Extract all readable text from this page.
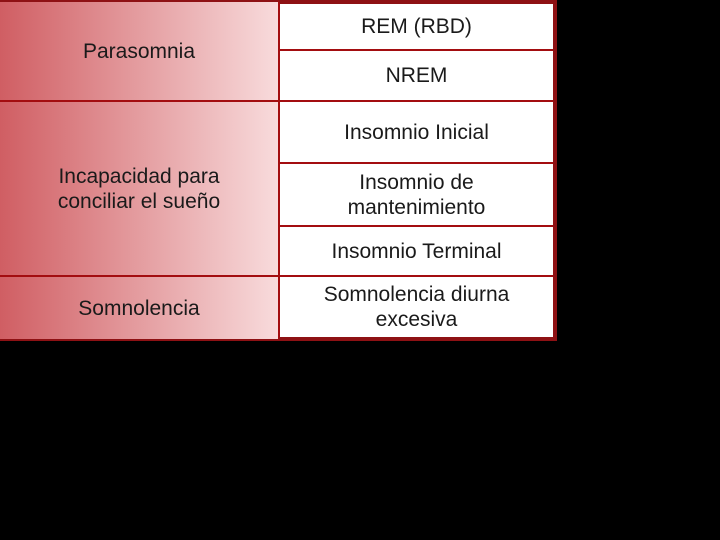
Parasomnia
Incapacidad para conciliar el sueño
Somnolencia
REM (RBD)
NREM
Insomnio Inicial
Insomnio de mantenimiento
Insomnio Terminal
Somnolencia diurna excesiva
